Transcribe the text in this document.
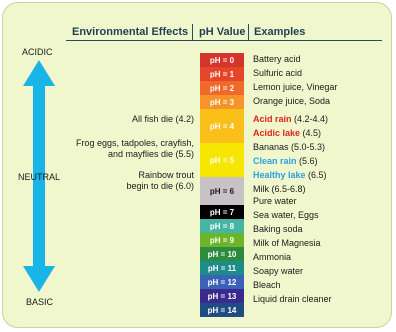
Environmental Effects pH Value Examples
ACIDIC
NEUTRAL
BASIC
pH = 0
pH = 1
pH = 2
pH = 3
pH = 4
pH = 5
pH = 6
pH = 7
pH = 8
pH = 9
pH = 10
pH = 11
pH = 12
pH = 13
pH = 14
Battery acid
Sulfuric acid
Lemon juice, Vinegar
Orange juice, Soda
Acid rain (4.2-4.4)
Acidic lake (4.5)
Bananas (5.0-5.3)
Clean rain (5.6)
Healthy lake (6.5)
Milk (6.5-6.8)
Pure water
Sea water, Eggs
Baking soda
Milk of Magnesia
Ammonia
Soapy water
Bleach
Liquid drain cleaner
All fish die (4.2)
Frog eggs, tadpoles, crayfish,
and mayflies die (5.5)
Rainbow trout
begin to die (6.0)
